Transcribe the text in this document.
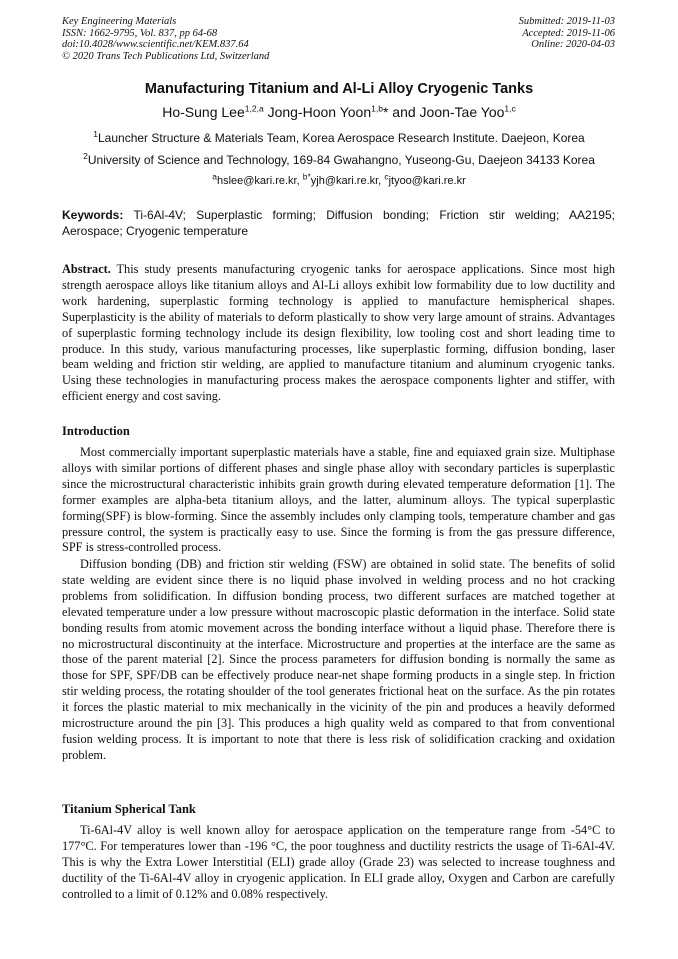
Key Engineering Materials
ISSN: 1662-9795, Vol. 837, pp 64-68
doi:10.4028/www.scientific.net/KEM.837.64
© 2020 Trans Tech Publications Ltd, Switzerland
Submitted: 2019-11-03
Accepted: 2019-11-06
Online: 2020-04-03
Manufacturing Titanium and Al-Li Alloy Cryogenic Tanks
Ho-Sung Lee$^{1,2,a}$ Jong-Hoon Yoon$^{1,b}$* and Joon-Tae Yoo$^{1,c}$
$^1$Launcher Structure & Materials Team, Korea Aerospace Research Institute. Daejeon, Korea
$^2$University of Science and Technology, 169-84 Gwahangno, Yuseong-Gu, Daejeon 34133 Korea
$^a$hslee@kari.re.kr, $^{b*}$yjh@kari.re.kr, $^c$jtyoo@kari.re.kr
Keywords: Ti-6Al-4V; Superplastic forming; Diffusion bonding; Friction stir welding; AA2195; Aerospace; Cryogenic temperature
Abstract. This study presents manufacturing cryogenic tanks for aerospace applications. Since most high strength aerospace alloys like titanium alloys and Al-Li alloys exhibit low formability due to low ductility and work hardening, superplastic forming technology is applied to manufacture hemispherical shapes. Superplasticity is the ability of materials to deform plastically to show very large amount of strains. Advantages of superplastic forming technology include its design flexibility, low tooling cost and short leading time to produce. In this study, various manufacturing processes, like superplastic forming, diffusion bonding, laser beam welding and friction stir welding, are applied to manufacture titanium and aluminum cryogenic tanks. Using these technologies in manufacturing process makes the aerospace components lighter and stiffer, with efficient energy and cost saving.
Introduction
Most commercially important superplastic materials have a stable, fine and equiaxed grain size. Multiphase alloys with similar portions of different phases and single phase alloy with secondary particles is superplastic since the microstructural characteristic inhibits grain growth during elevated temperature deformation [1]. The former examples are alpha-beta titanium alloys, and the latter, aluminum alloys. The typical superplastic forming(SPF) is blow-forming. Since the assembly includes only clamping tools, temperature chamber and gas pressure control, the system is practically easy to use. Since the forming is from the gas pressure difference, SPF is stress-controlled process.
Diffusion bonding (DB) and friction stir welding (FSW) are obtained in solid state. The benefits of solid state welding are evident since there is no liquid phase involved in welding process and no hot cracking problems from solidification. In diffusion bonding process, two different surfaces are matched together at elevated temperature under a low pressure without macroscopic plastic deformation in the interface. Solid state bonding results from atomic movement across the bonding interface without a liquid phase. Therefore there is no microstructural discontinuity at the interface. Microstructure and properties at the interface are the same as those of the parent material [2]. Since the process parameters for diffusion bonding is normally the same as those for SPF, SPF/DB can be effectively produce near-net shape forming products in a single step. In friction stir welding process, the rotating shoulder of the tool generates frictional heat on the surface. As the pin rotates it forces the plastic material to mix mechanically in the vicinity of the pin and produces a heavily deformed microstructure around the pin [3]. This produces a high quality weld as compared to that from conventional fusion welding process. It is important to note that there is less risk of solidification cracking and oxidation problem.
Titanium Spherical Tank
Ti-6Al-4V alloy is well known alloy for aerospace application on the temperature range from -54°C to 177°C. For temperatures lower than -196 °C, the poor toughness and ductility restricts the usage of Ti-6Al-4V. This is why the Extra Lower Interstitial (ELI) grade alloy (Grade 23) was selected to increase toughness and ductility of the Ti-6Al-4V alloy in cryogenic application. In ELI grade alloy, Oxygen and Carbon are carefully controlled to a limit of 0.12% and 0.08% respectively.
